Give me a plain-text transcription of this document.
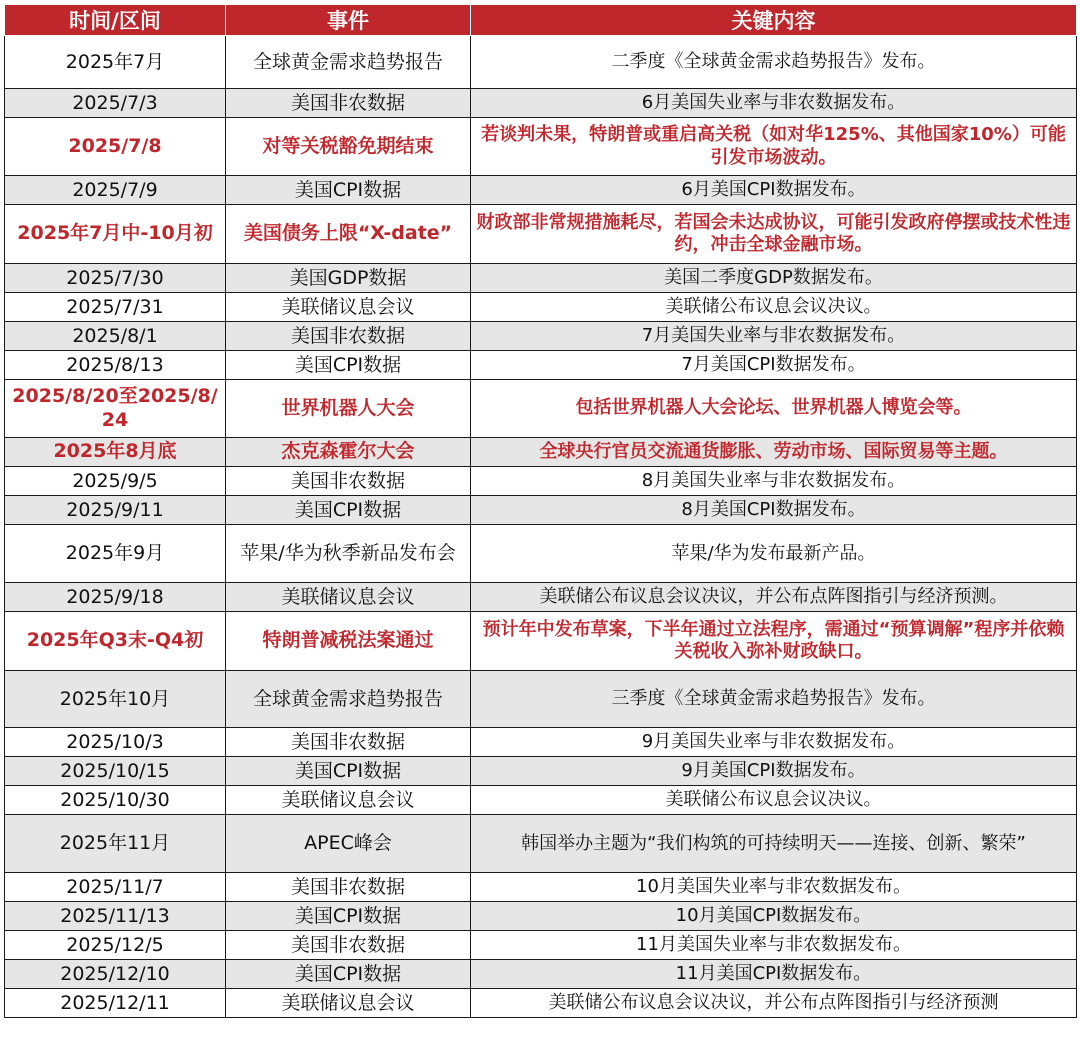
时间/区间	事件	关键内容
2025年7月	全球黄金需求趋势报告	二季度《全球黄金需求趋势报告》发布。
2025/7/3	美国非农数据	6月美国失业率与非农数据发布。
2025/7/8	对等关税豁免期结束	若谈判未果，特朗普或重启高关税（如对华125%、其他国家10%）可能引发市场波动。
2025/7/9	美国CPI数据	6月美国CPI数据发布。
2025年7月中-10月初	美国债务上限“X-date”	财政部非常规措施耗尽，若国会未达成协议，可能引发政府停摆或技术性违约，冲击全球金融市场。
2025/7/30	美国GDP数据	美国二季度GDP数据发布。
2025/7/31	美联储议息会议	美联储公布议息会议决议。
2025/8/1	美国非农数据	7月美国失业率与非农数据发布。
2025/8/13	美国CPI数据	7月美国CPI数据发布。
2025/8/20至2025/8/24	世界机器人大会	包括世界机器人大会论坛、世界机器人博览会等。
2025年8月底	杰克森霍尔大会	全球央行官员交流通货膨胀、劳动市场、国际贸易等主题。
2025/9/5	美国非农数据	8月美国失业率与非农数据发布。
2025/9/11	美国CPI数据	8月美国CPI数据发布。
2025年9月	苹果/华为秋季新品发布会	苹果/华为发布最新产品。
2025/9/18	美联储议息会议	美联储公布议息会议决议，并公布点阵图指引与经济预测。
2025年Q3末-Q4初	特朗普减税法案通过	预计年中发布草案，下半年通过立法程序，需通过“预算调解”程序并依赖关税收入弥补财政缺口。
2025年10月	全球黄金需求趋势报告	三季度《全球黄金需求趋势报告》发布。
2025/10/3	美国非农数据	9月美国失业率与非农数据发布。
2025/10/15	美国CPI数据	9月美国CPI数据发布。
2025/10/30	美联储议息会议	美联储公布议息会议决议。
2025年11月	APEC峰会	韩国举办主题为“我们构筑的可持续明天——连接、创新、繁荣”
2025/11/7	美国非农数据	10月美国失业率与非农数据发布。
2025/11/13	美国CPI数据	10月美国CPI数据发布。
2025/12/5	美国非农数据	11月美国失业率与非农数据发布。
2025/12/10	美国CPI数据	11月美国CPI数据发布。
2025/12/11	美联储议息会议	美联储公布议息会议决议，并公布点阵图指引与经济预测
